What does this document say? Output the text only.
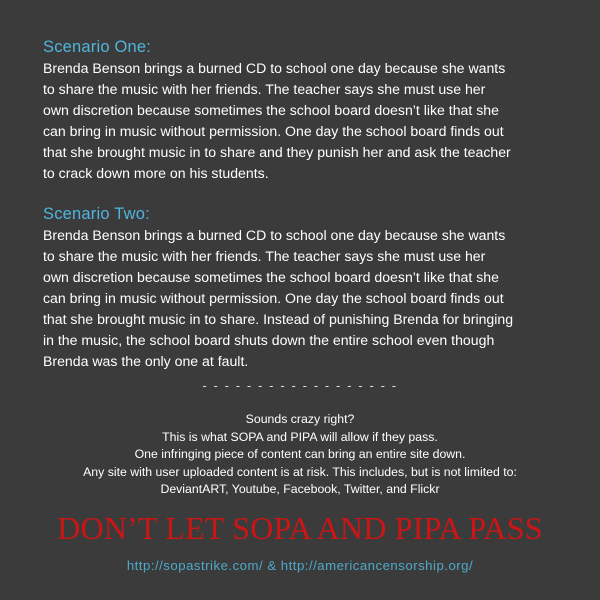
Scenario One:

Brenda Benson brings a burned CD to school one day because she wants
to share the music with her friends. The teacher says she must use her
own discretion because sometimes the school board doesn’t like that she
can bring in music without permission. One day the school board finds out
that she brought music in to share and they punish her and ask the teacher
to crack down more on his students.

Scenario Two:

Brenda Benson brings a burned CD to school one day because she wants
to share the music with her friends. The teacher says she must use her
own discretion because sometimes the school board doesn’t like that she
can bring in music without permission. One day the school board finds out
that she brought music in to share. Instead of punishing Brenda for bringing
in the music, the school board shuts down the entire school even though
Brenda was the only one at fault.

- - - - - - - - - - - - - - - - - -
Sounds crazy right?
This is what SOPA and PIPA will allow if they pass.
One infringing piece of content can bring an entire site down.
Any site with user uploaded content is at risk. This includes, but is not limited to:
DeviantART, Youtube, Facebook, Twitter, and Flickr
DON’T LET SOPA AND PIPA PASS
http://sopastrike.com/ & http://americancensorship.org/
